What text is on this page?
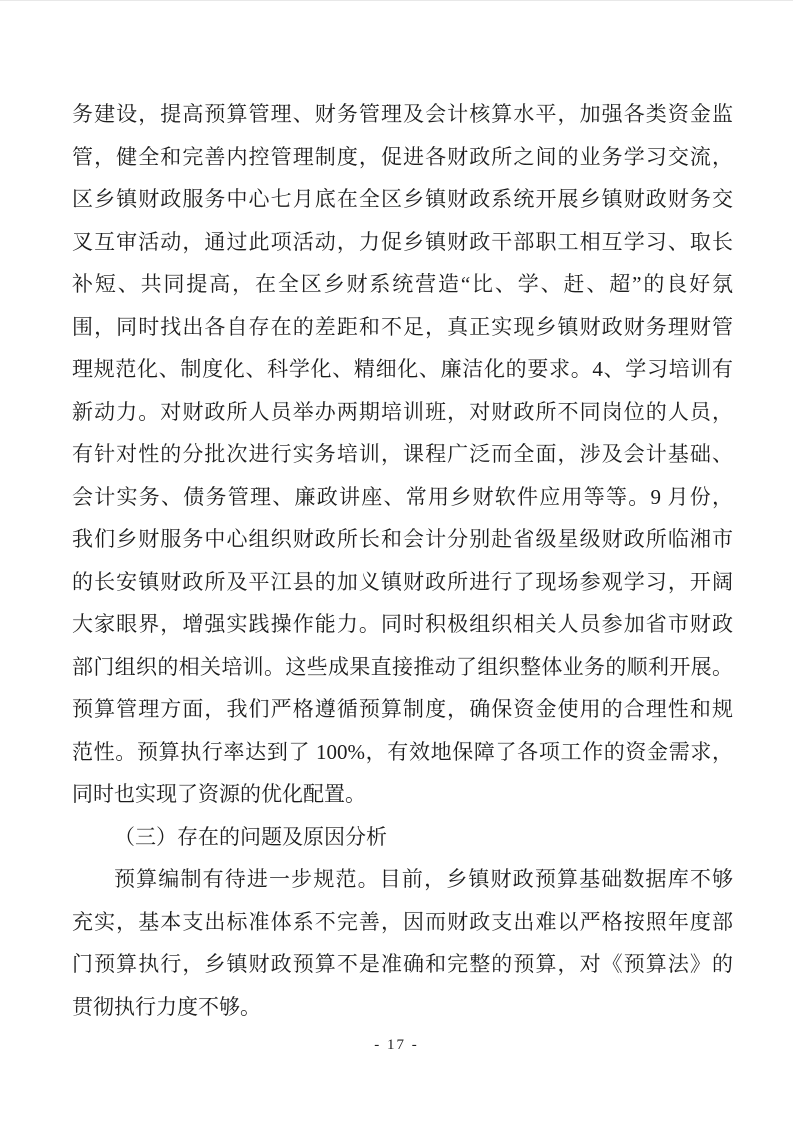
务建设，提高预算管理、财务管理及会计核算水平，加强各类资金监
管，健全和完善内控管理制度，促进各财政所之间的业务学习交流，
区乡镇财政服务中心七月底在全区乡镇财政系统开展乡镇财政财务交
叉互审活动，通过此项活动，力促乡镇财政干部职工相互学习、取长
补短、共同提高，在全区乡财系统营造“比、学、赶、超”的良好氛
围，同时找出各自存在的差距和不足，真正实现乡镇财政财务理财管
理规范化、制度化、科学化、精细化、廉洁化的要求。4、学习培训有
新动力。对财政所人员举办两期培训班，对财政所不同岗位的人员，
有针对性的分批次进行实务培训，课程广泛而全面，涉及会计基础、
会计实务、债务管理、廉政讲座、常用乡财软件应用等等。9 月份，
我们乡财服务中心组织财政所长和会计分别赴省级星级财政所临湘市
的长安镇财政所及平江县的加义镇财政所进行了现场参观学习，开阔
大家眼界，增强实践操作能力。同时积极组织相关人员参加省市财政
部门组织的相关培训。这些成果直接推动了组织整体业务的顺利开展。
预算管理方面，我们严格遵循预算制度，确保资金使用的合理性和规
范性。预算执行率达到了 100%，有效地保障了各项工作的资金需求，
同时也实现了资源的优化配置。
（三）存在的问题及原因分析
预算编制有待进一步规范。目前，乡镇财政预算基础数据库不够
充实，基本支出标准体系不完善，因而财政支出难以严格按照年度部
门预算执行，乡镇财政预算不是准确和完整的预算，对《预算法》的
贯彻执行力度不够。
- 17 -
